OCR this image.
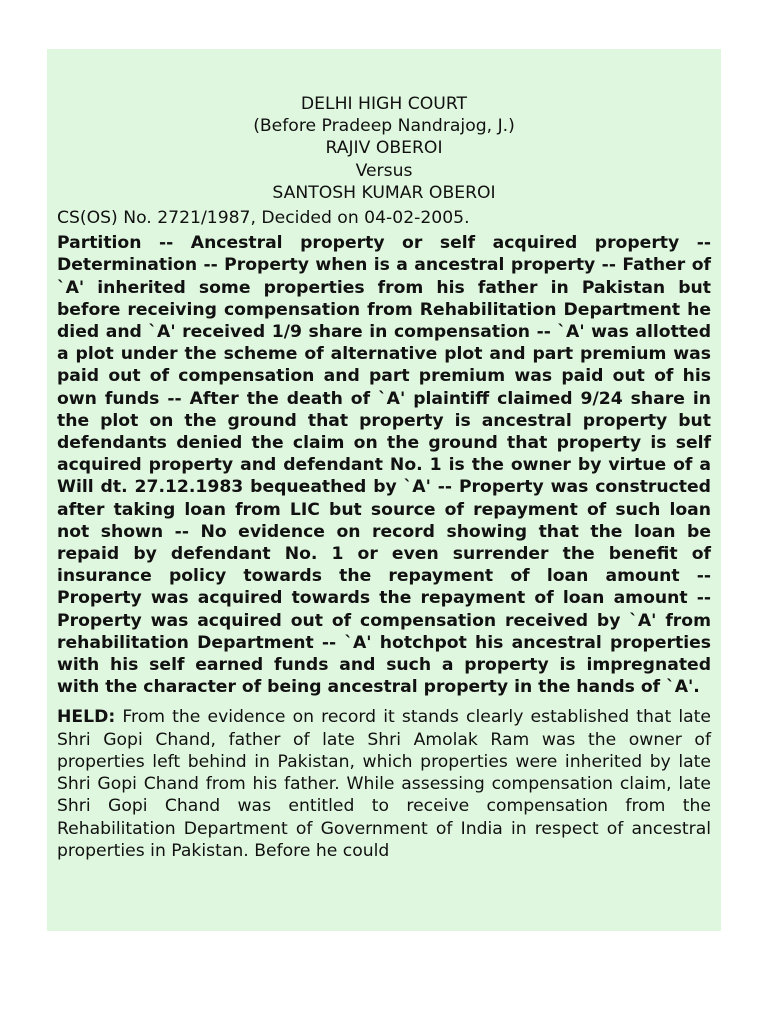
DELHI HIGH COURT
(Before Pradeep Nandrajog, J.)
RAJIV OBEROI
Versus
SANTOSH KUMAR OBEROI
CS(OS) No. 2721/1987, Decided on 04-02-2005.
Partition -- Ancestral property or self acquired property -- Determination -- Property when is a ancestral property -- Father of `A' inherited some properties from his father in Pakistan but before receiving compensation from Rehabilitation Department he died and `A' received 1/9 share in compensation -- `A' was allotted a plot under the scheme of alternative plot and part premium was paid out of compensation and part premium was paid out of his own funds -- After the death of `A' plaintiff claimed 9/24 share in the plot on the ground that property is ancestral property but defendants denied the claim on the ground that property is self acquired property and defendant No. 1 is the owner by virtue of a Will dt. 27.12.1983 bequeathed by `A' -- Property was constructed after taking loan from LIC but source of repayment of such loan not shown -- No evidence on record showing that the loan be repaid by defendant No. 1 or even surrender the benefit of insurance policy towards the repayment of loan amount -- Property was acquired towards the repayment of loan amount -- Property was acquired out of compensation received by `A' from rehabilitation Department -- `A' hotchpot his ancestral properties with his self earned funds and such a property is impregnated with the character of being ancestral property in the hands of `A'.
HELD: From the evidence on record it stands clearly established that late Shri Gopi Chand, father of late Shri Amolak Ram was the owner of properties left behind in Pakistan, which properties were inherited by late Shri Gopi Chand from his father. While assessing compensation claim, late Shri Gopi Chand was entitled to receive compensation from the Rehabilitation Department of Government of India in respect of ancestral properties in Pakistan. Before he could
